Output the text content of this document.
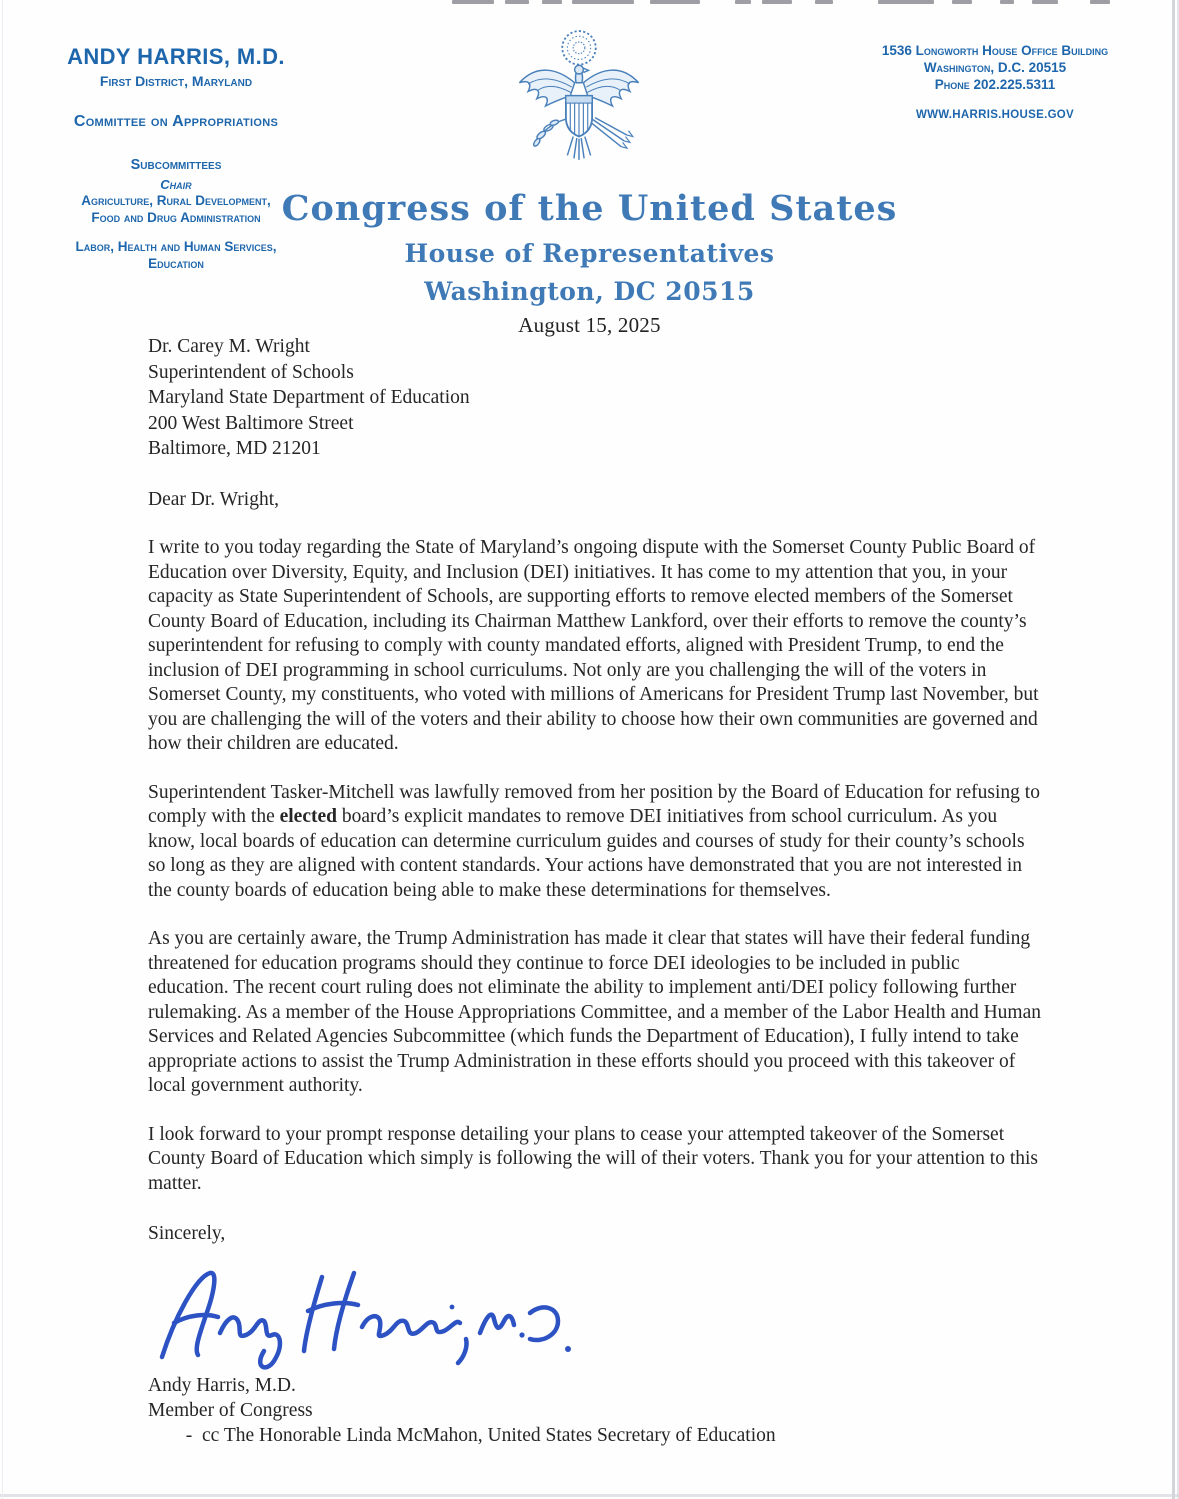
ANDY HARRIS, M.D.
First District, Maryland
Committee on Appropriations
Subcommittees
Chair
Agriculture, Rural Development,
Food and Drug Administration
Labor, Health and Human Services,
Education
1536 Longworth House Office Building
Washington, D.C. 20515
Phone 202.225.5311
WWW.HARRIS.HOUSE.GOV
Congress of the United States
House of Representatives
Washington, DC 20515
August 15, 2025
Dr. Carey M. Wright
Superintendent of Schools
Maryland State Department of Education
200 West Baltimore Street
Baltimore, MD 21201
Dear Dr. Wright,

I write to you today regarding the State of Maryland’s ongoing dispute with the Somerset County Public Board of Education over Diversity, Equity, and Inclusion (DEI) initiatives. It has come to my attention that you, in your capacity as State Superintendent of Schools, are supporting efforts to remove elected members of the Somerset County Board of Education, including its Chairman Matthew Lankford, over their efforts to remove the county’s superintendent for refusing to comply with county mandated efforts, aligned with President Trump, to end the inclusion of DEI programming in school curriculums. Not only are you challenging the will of the voters in Somerset County, my constituents, who voted with millions of Americans for President Trump last November, but you are challenging the will of the voters and their ability to choose how their own communities are governed and how their children are educated.

Superintendent Tasker-Mitchell was lawfully removed from her position by the Board of Education for refusing to comply with the elected board’s explicit mandates to remove DEI initiatives from school curriculum. As you know, local boards of education can determine curriculum guides and courses of study for their county’s schools so long as they are aligned with content standards. Your actions have demonstrated that you are not interested in the county boards of education being able to make these determinations for themselves.

As you are certainly aware, the Trump Administration has made it clear that states will have their federal funding threatened for education programs should they continue to force DEI ideologies to be included in public education. The recent court ruling does not eliminate the ability to implement anti/DEI policy following further rulemaking. As a member of the House Appropriations Committee, and a member of the Labor Health and Human Services and Related Agencies Subcommittee (which funds the Department of Education), I fully intend to take appropriate actions to assist the Trump Administration in these efforts should you proceed with this takeover of local government authority.

I look forward to your prompt response detailing your plans to cease your attempted takeover of the Somerset County Board of Education which simply is following the will of their voters. Thank you for your attention to this matter.

Sincerely,
Andy Harris, M.D.
Member of Congress
- cc The Honorable Linda McMahon, United States Secretary of Education
